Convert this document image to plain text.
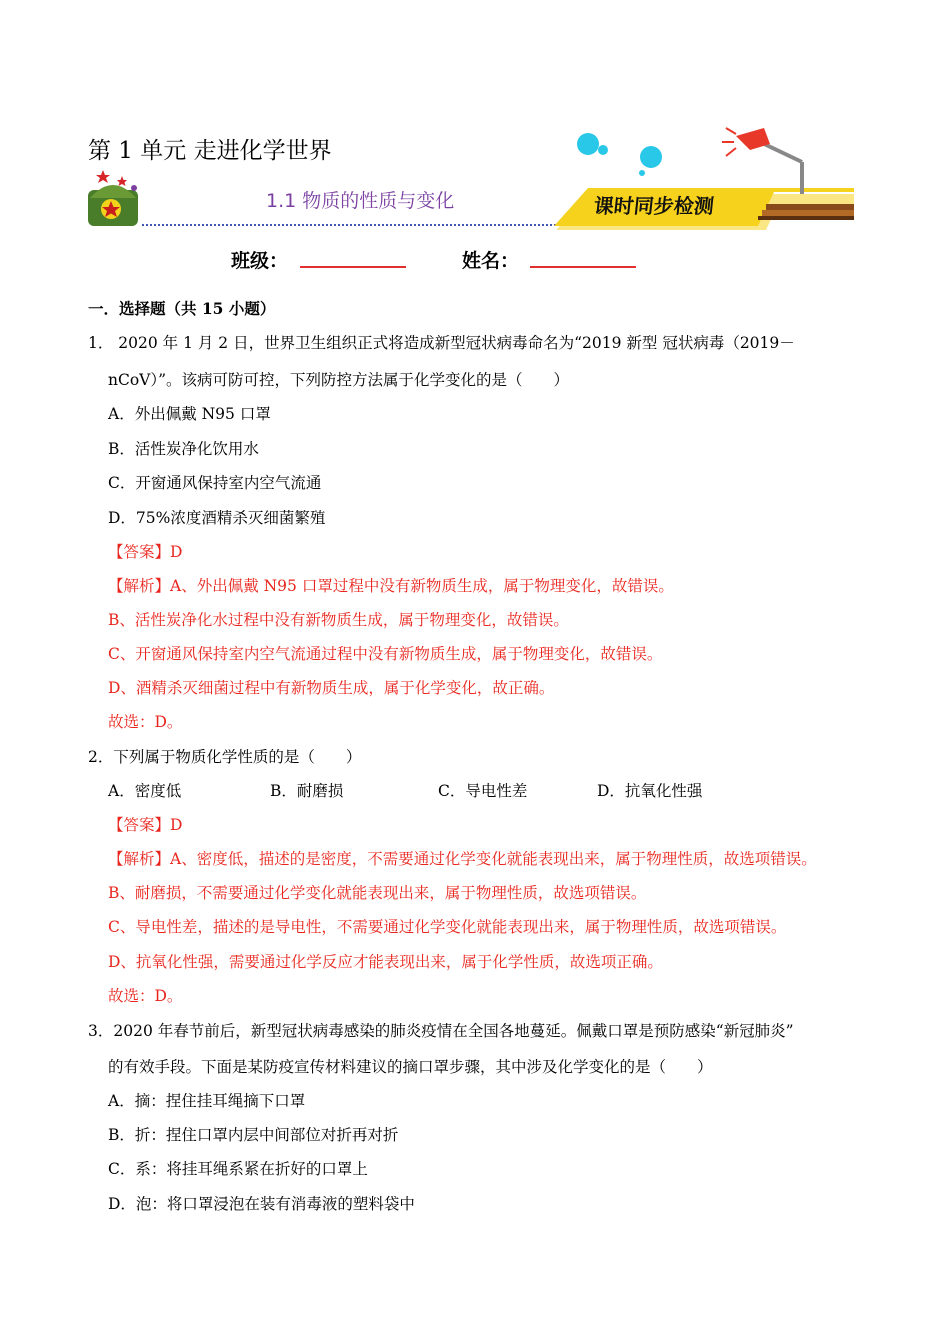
第 1 单元 走进化学世界
1.1 物质的性质与变化	课时同步检测
班级：	姓名：
一．选择题（共 15 小题）
1． 2020 年 1 月 2 日，世界卫生组织正式将造成新型冠状病毒命名为“2019 新型 冠状病毒（2019－
nCoV）”。该病可防可控，下列防控方法属于化学变化的是（　　）
A．外出佩戴 N95 口罩
B．活性炭净化饮用水
C．开窗通风保持室内空气流通
D．75%浓度酒精杀灭细菌繁殖
【答案】D
【解析】A、外出佩戴 N95 口罩过程中没有新物质生成，属于物理变化，故错误。
B、活性炭净化水过程中没有新物质生成，属于物理变化，故错误。
C、开窗通风保持室内空气流通过程中没有新物质生成，属于物理变化，故错误。
D、酒精杀灭细菌过程中有新物质生成，属于化学变化，故正确。
故选：D。
2．下列属于物质化学性质的是（　　）
A．密度低	B．耐磨损	C．导电性差	D．抗氧化性强
【答案】D
【解析】A、密度低，描述的是密度，不需要通过化学变化就能表现出来，属于物理性质，故选项错误。
B、耐磨损，不需要通过化学变化就能表现出来，属于物理性质，故选项错误。
C、导电性差，描述的是导电性，不需要通过化学变化就能表现出来，属于物理性质，故选项错误。
D、抗氧化性强，需要通过化学反应才能表现出来，属于化学性质，故选项正确。
故选：D。
3．2020 年春节前后，新型冠状病毒感染的肺炎疫情在全国各地蔓延。佩戴口罩是预防感染“新冠肺炎”
的有效手段。下面是某防疫宣传材料建议的摘口罩步骤，其中涉及化学变化的是（　　）
A．摘：捏住挂耳绳摘下口罩
B．折：捏住口罩内层中间部位对折再对折
C．系：将挂耳绳系紧在折好的口罩上
D．泡：将口罩浸泡在装有消毒液的塑料袋中
